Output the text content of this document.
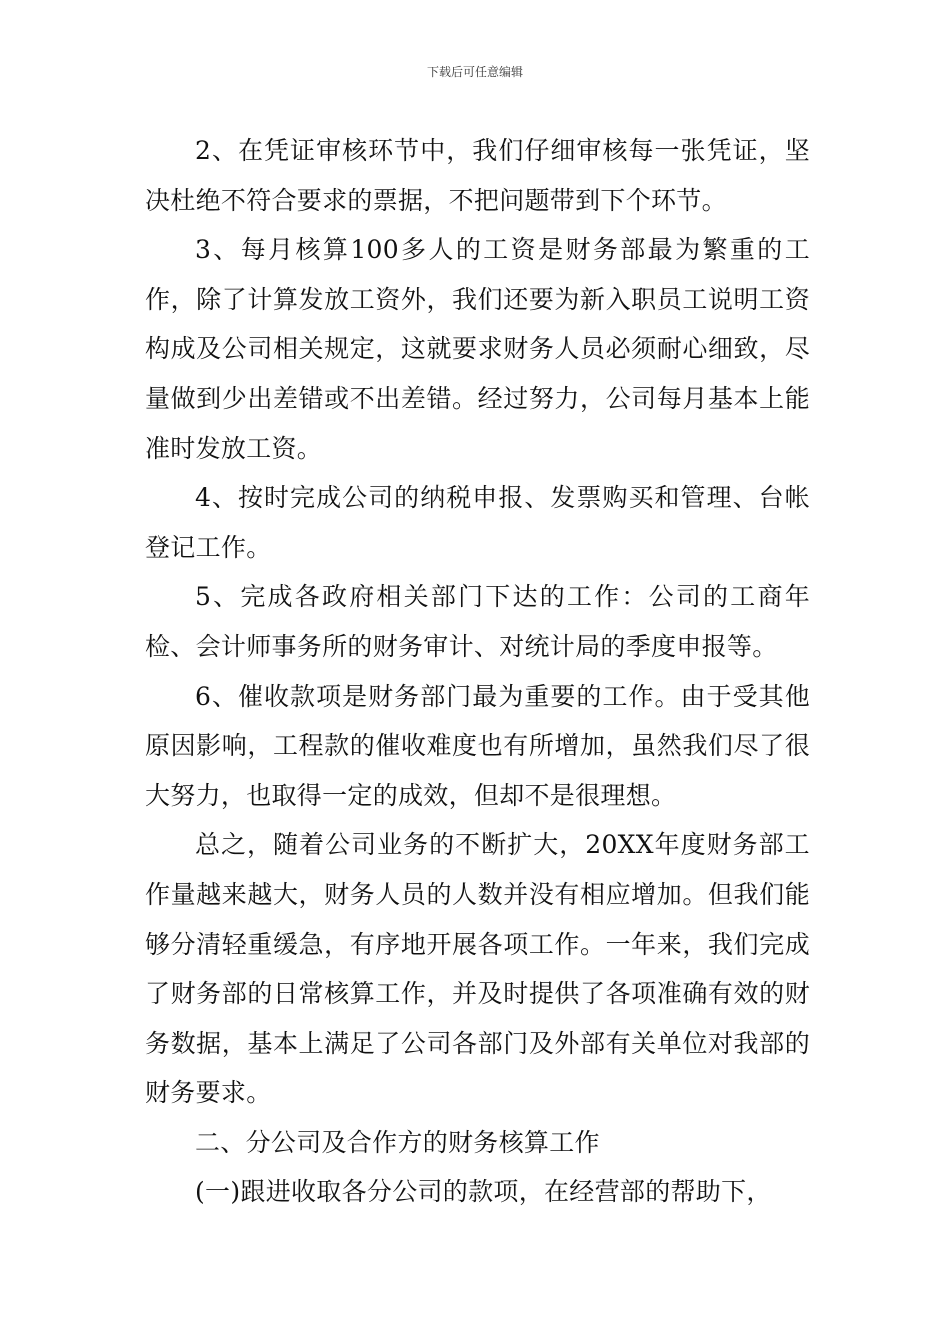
下载后可任意编辑

2、在凭证审核环节中，我们仔细审核每一张凭证，坚决杜绝不符合要求的票据，不把问题带到下个环节。

3、每月核算100多人的工资是财务部最为繁重的工作，除了计算发放工资外，我们还要为新入职员工说明工资构成及公司相关规定，这就要求财务人员必须耐心细致，尽量做到少出差错或不出差错。经过努力，公司每月基本上能准时发放工资。

4、按时完成公司的纳税申报、发票购买和管理、台帐登记工作。

5、完成各政府相关部门下达的工作：公司的工商年检、会计师事务所的财务审计、对统计局的季度申报等。

6、催收款项是财务部门最为重要的工作。由于受其他原因影响，工程款的催收难度也有所增加，虽然我们尽了很大努力，也取得一定的成效，但却不是很理想。

总之，随着公司业务的不断扩大，20XX年度财务部工作量越来越大，财务人员的人数并没有相应增加。但我们能够分清轻重缓急，有序地开展各项工作。一年来，我们完成了财务部的日常核算工作，并及时提供了各项准确有效的财务数据，基本上满足了公司各部门及外部有关单位对我部的财务要求。

二、分公司及合作方的财务核算工作

(一)跟进收取各分公司的款项，在经营部的帮助下，
